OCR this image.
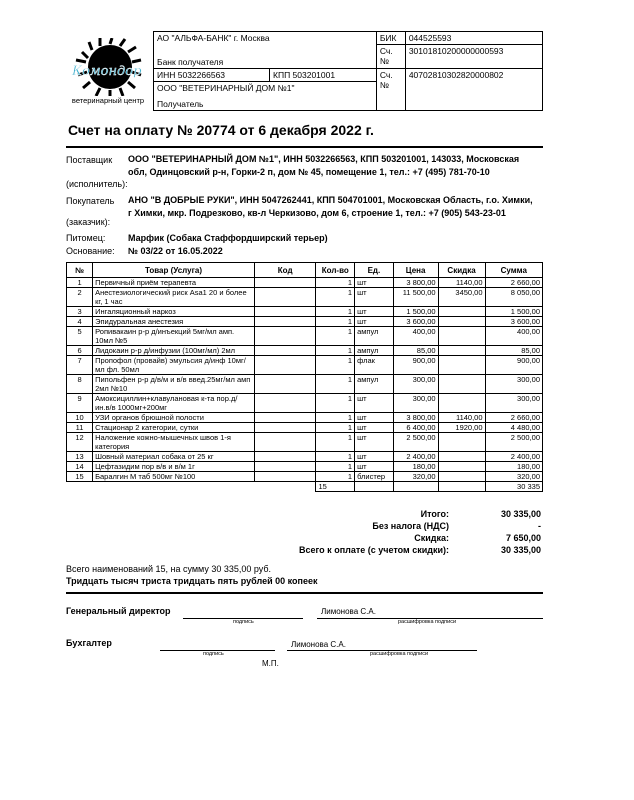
Комондор
ветеринарный центр
АО "АЛЬФА-БАНК" г. Москва		БИК	044525593
		Сч. №	30101810200000000593
Банк получателя			
ИНН 5032266563	КПП 503201001	Сч. №	40702810302820000802
ООО "ВЕТЕРИНАРНЫЙ ДОМ №1"			
Получатель			
Счет на оплату № 20774 от 6 декабря 2022 г.
Поставщик
(исполнитель):
ООО "ВЕТЕРИНАРНЫЙ ДОМ №1", ИНН 5032266563, КПП 503201001, 143033, Московская обл, Одинцовский р-н, Горки-2 п, дом № 45, помещение 1, тел.: +7 (495) 781-70-10
Покупатель
(заказчик):
АНО "В ДОБРЫЕ РУКИ", ИНН 5047262441, КПП 504701001, Московская Область, г.о. Химки, г Химки, мкр. Подрезково, кв-л Черкизово, дом 6, строение 1, тел.: +7 (905) 543-23-01
Питомец:	Марфик (Собака Стаффордширский терьер)
Основание: № 03/22 от 16.05.2022
№	Товар (Услуга)	Код	Кол-во	Ед.	Цена	Скидка	Сумма
1	Первичный приём терапевта		1	шт	3 800,00	1140,00	2 660,00
2	Анестезиологический риск Asa1 20 и более кг, 1 час		1	шт	11 500,00	3450,00	8 050,00
3	Ингаляционный наркоз		1	шт	1 500,00		1 500,00
4	Эпидуральная анестезия		1	шт	3 600,00		3 600,00
5	Ропивакаин р-р д/инъекций 5мг/мл амп. 10мл №5		1	ампул	400,00		400,00
6	Лидокаин р-р д/инфузии (100мг/мл) 2мл		1	ампул	85,00		85,00
7	Пропофол (провайв) эмульсия д/инф 10мг/мл фл. 50мл		1	флак	900,00		900,00
8	Пипольфен р-р д/в/м и в/в введ.25мг/мл амп 2мл №10		1	ампул	300,00		300,00
9	Амоксициллин+клавулановая к-та пор.д/ин.в/в 1000мг+200мг		1	шт	300,00		300,00
10	УЗИ органов брюшной полости		1	шт	3 800,00	1140,00	2 660,00
11	Стационар 2 категории, сутки		1	шт	6 400,00	1920,00	4 480,00
12	Наложение кожно-мышечных швов 1-я категория		1	шт	2 500,00		2 500,00
13	Шовный материал собака от 25 кг		1	шт	2 400,00		2 400,00
14	Цефтазидим пор в/в и в/м 1г		1	шт	180,00		180,00
15	Баралгин М таб 500мг №100		1	блистер	320,00		320,00
			15				30 335
Итого:	30 335,00
Без налога (НДС)	-
Скидка:	7 650,00
Всего к оплате (с учетом скидки):	30 335,00
Всего наименований 15, на сумму 30 335,00 руб.
Тридцать тысяч триста тридцать пять рублей 00 копеек
Генеральный директор	Лимонова С.А.
подпись	расшифровка подписи
Бухгалтер	Лимонова С.А.
подпись	расшифровка подписи
М.П.
